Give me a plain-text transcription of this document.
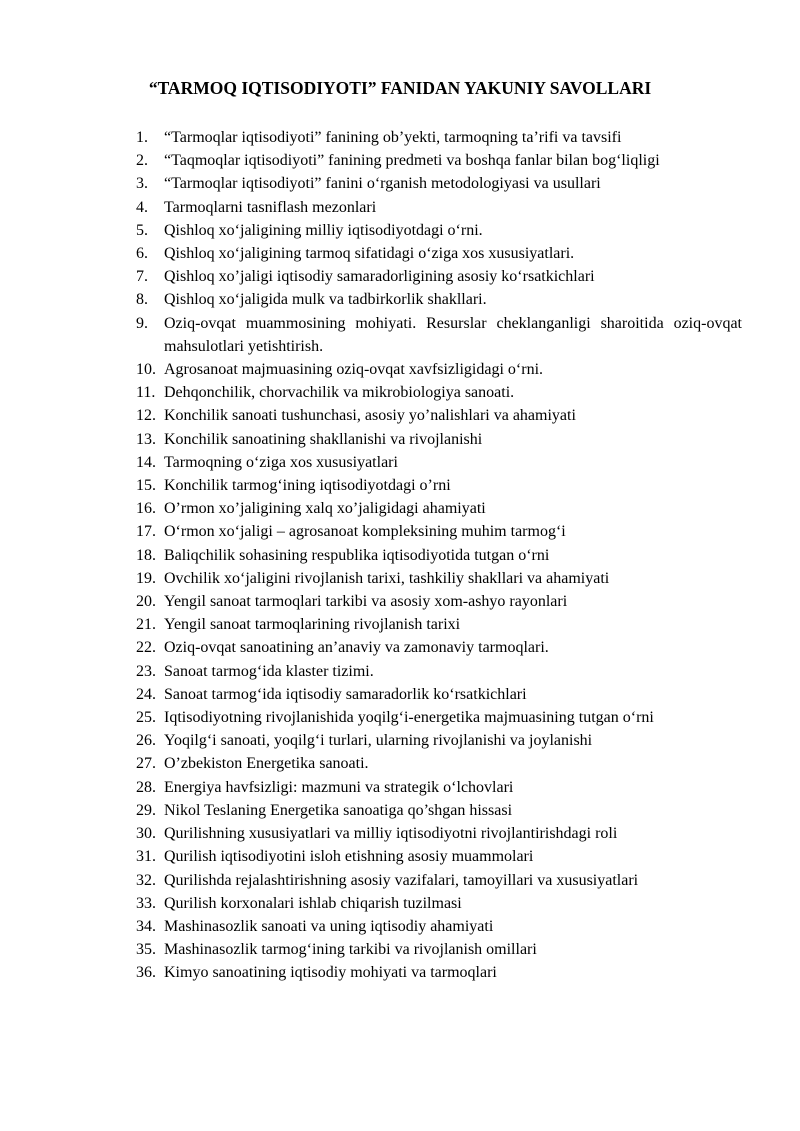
“TARMOQ IQTISODIYOTI” FANIDAN YAKUNIY SAVOLLARI
1. “Tarmoqlar iqtisodiyoti” fanining ob’yekti, tarmoqning ta’rifi va tavsifi
2. “Taqmoqlar iqtisodiyoti” fanining predmeti va boshqa fanlar bilan bog‘liqligi
3. “Tarmoqlar iqtisodiyoti” fanini o‘rganish metodologiyasi va usullari
4. Tarmoqlarni tasniflash mezonlari
5. Qishloq xo‘jaligining milliy iqtisodiyotdagi o‘rni.
6. Qishloq xo‘jaligining tarmoq sifatidagi o‘ziga xos xususiyatlari.
7. Qishloq xo’jaligi iqtisodiy samaradorligining asosiy ko‘rsatkichlari
8. Qishloq xo‘jaligida mulk va tadbirkorlik shakllari.
9. Oziq-ovqat muammosining mohiyati. Resurslar cheklanganligi sharoitida oziq-ovqat mahsulotlari yetishtirish.
10. Agrosanoat majmuasining oziq-ovqat xavfsizligidagi o‘rni.
11. Dehqonchilik, chorvachilik va mikrobiologiya sanoati.
12. Konchilik sanoati tushunchasi, asosiy yo’nalishlari va ahamiyati
13. Konchilik sanoatining shakllanishi va rivojlanishi
14. Tarmoqning o‘ziga xos xususiyatlari
15. Konchilik tarmog‘ining iqtisodiyotdagi o’rni
16. O’rmon xo’jaligining xalq xo’jaligidagi ahamiyati
17. O‘rmon xo‘jaligi – agrosanoat kompleksining muhim tarmog‘i
18. Baliqchilik sohasining respublika iqtisodiyotida tutgan o‘rni
19. Ovchilik xo‘jaligini rivojlanish tarixi, tashkiliy shakllari va ahamiyati
20. Yengil sanoat tarmoqlari tarkibi va asosiy xom-ashyo rayonlari
21. Yengil sanoat tarmoqlarining rivojlanish tarixi
22. Oziq-ovqat sanoatining an’anaviy va zamonaviy tarmoqlari.
23. Sanoat tarmog‘ida klaster tizimi.
24. Sanoat tarmog‘ida iqtisodiy samaradorlik ko‘rsatkichlari
25. Iqtisodiyotning rivojlanishida yoqilg‘i-energetika majmuasining tutgan o‘rni
26. Yoqilg‘i sanoati, yoqilg‘i turlari, ularning rivojlanishi va joylanishi
27. O’zbekiston Energetika sanoati.
28. Energiya havfsizligi: mazmuni va strategik o‘lchovlari
29. Nikol Teslaning Energetika sanoatiga qo’shgan hissasi
30. Qurilishning xususiyatlari va milliy iqtisodiyotni rivojlantirishdagi roli
31. Qurilish iqtisodiyotini isloh etishning asosiy muammolari
32. Qurilishda rejalashtirishning asosiy vazifalari, tamoyillari va xususiyatlari
33. Qurilish korxonalari ishlab chiqarish tuzilmasi
34. Mashinasozlik sanoati va uning iqtisodiy ahamiyati
35. Mashinasozlik tarmog‘ining tarkibi va rivojlanish omillari
36. Kimyo sanoatining iqtisodiy mohiyati va tarmoqlari
